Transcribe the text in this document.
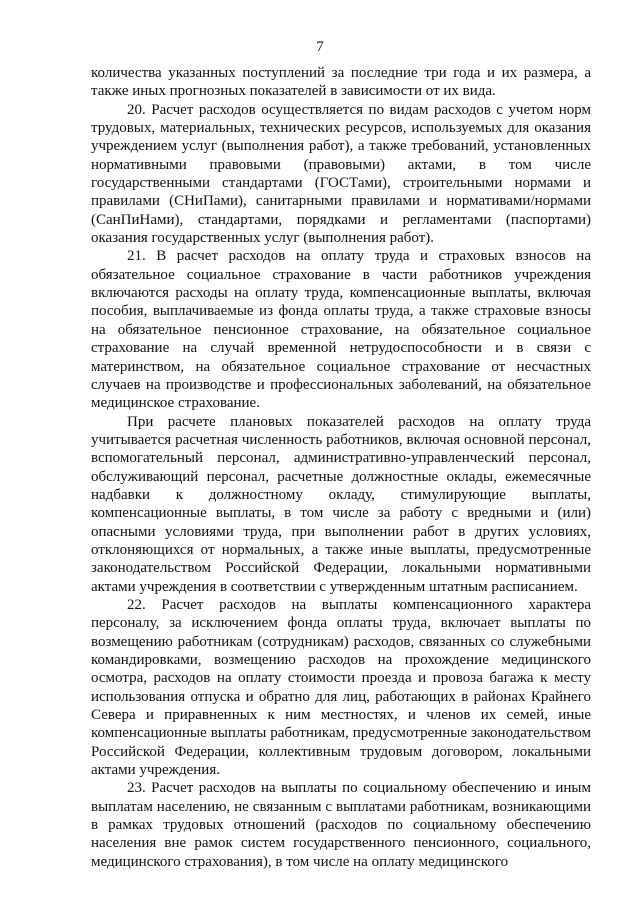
7

количества указанных поступлений за последние три года и их размера, а также иных прогнозных показателей в зависимости от их вида.

20. Расчет расходов осуществляется по видам расходов с учетом норм трудовых, материальных, технических ресурсов, используемых для оказания учреждением услуг (выполнения работ), а также требований, установленных нормативными правовыми (правовыми) актами, в том числе государственными стандартами (ГОСТами), строительными нормами и правилами (СНиПами), санитарными правилами и нормативами/нормами (СанПиНами), стандартами, порядками и регламентами (паспортами) оказания государственных услуг (выполнения работ).

21. В расчет расходов на оплату труда и страховых взносов на обязательное социальное страхование в части работников учреждения включаются расходы на оплату труда, компенсационные выплаты, включая пособия, выплачиваемые из фонда оплаты труда, а также страховые взносы на обязательное пенсионное страхование, на обязательное социальное страхование на случай временной нетрудоспособности и в связи с материнством, на обязательное социальное страхование от несчастных случаев на производстве и профессиональных заболеваний, на обязательное медицинское страхование.

При расчете плановых показателей расходов на оплату труда учитывается расчетная численность работников, включая основной персонал, вспомогательный персонал, административно-управленческий персонал, обслуживающий персонал, расчетные должностные оклады, ежемесячные надбавки к должностному окладу, стимулирующие выплаты, компенсационные выплаты, в том числе за работу с вредными и (или) опасными условиями труда, при выполнении работ в других условиях, отклоняющихся от нормальных, а также иные выплаты, предусмотренные законодательством Российской Федерации, локальными нормативными актами учреждения в соответствии с утвержденным штатным расписанием.

22. Расчет расходов на выплаты компенсационного характера персоналу, за исключением фонда оплаты труда, включает выплаты по возмещению работникам (сотрудникам) расходов, связанных со служебными командировками, возмещению расходов на прохождение медицинского осмотра, расходов на оплату стоимости проезда и провоза багажа к месту использования отпуска и обратно для лиц, работающих в районах Крайнего Севера и приравненных к ним местностях, и членов их семей, иные компенсационные выплаты работникам, предусмотренные законодательством Российской Федерации, коллективным трудовым договором, локальными актами учреждения.

23. Расчет расходов на выплаты по социальному обеспечению и иным выплатам населению, не связанным с выплатами работникам, возникающими в рамках трудовых отношений (расходов по социальному обеспечению населения вне рамок систем государственного пенсионного, социального, медицинского страхования), в том числе на оплату медицинского
